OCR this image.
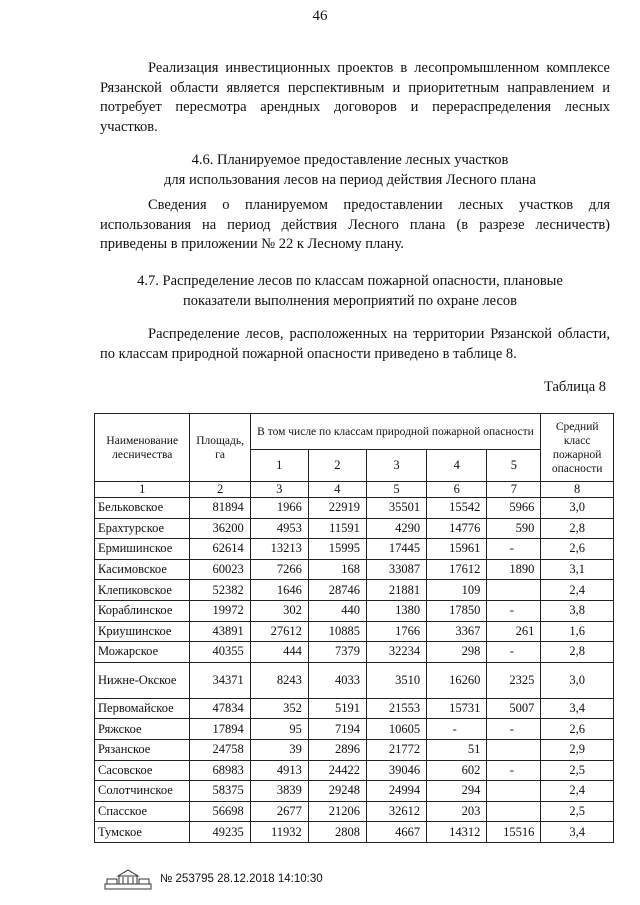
46
Реализация инвестиционных проектов в лесопромышленном комплексе Рязанской области является перспективным и приоритетным направлением и потребует пересмотра арендных договоров и перераспределения лесных участков.
4.6. Планируемое предоставление лесных участков
для использования лесов на период действия Лесного плана
Сведения о планируемом предоставлении лесных участков для использования на период действия Лесного плана (в разрезе лесничеств) приведены в приложении № 22 к Лесному плану.
4.7. Распределение лесов по классам пожарной опасности, плановые
показатели выполнения мероприятий по охране лесов
Распределение лесов, расположенных на территории Рязанской области, по классам природной пожарной опасности приведено в таблице 8.
Таблица 8
Наименование лесничества	Площадь, га	В том числе по классам природной пожарной опасности					Средний класс пожарной опасности
		1	2	3	4	5	
1	2	3	4	5	6	7	8
Бельковское	81894	1966	22919	35501	15542	5966	3,0
Ерахтурское	36200	4953	11591	4290	14776	590	2,8
Ермишинское	62614	13213	15995	17445	15961	-	2,6
Касимовское	60023	7266	168	33087	17612	1890	3,1
Клепиковское	52382	1646	28746	21881	109		2,4
Кораблинское	19972	302	440	1380	17850	-	3,8
Криушинское	43891	27612	10885	1766	3367	261	1,6
Можарское	40355	444	7379	32234	298	-	2,8
Нижне-Окское	34371	8243	4033	3510	16260	2325	3,0
Первомайское	47834	352	5191	21553	15731	5007	3,4
Ряжское	17894	95	7194	10605	-	-	2,6
Рязанское	24758	39	2896	21772	51		2,9
Сасовское	68983	4913	24422	39046	602	-	2,5
Солотчинское	58375	3839	29248	24994	294		2,4
Спасское	56698	2677	21206	32612	203		2,5
Тумское	49235	11932	2808	4667	14312	15516	3,4
№ 253795 28.12.2018 14:10:30
